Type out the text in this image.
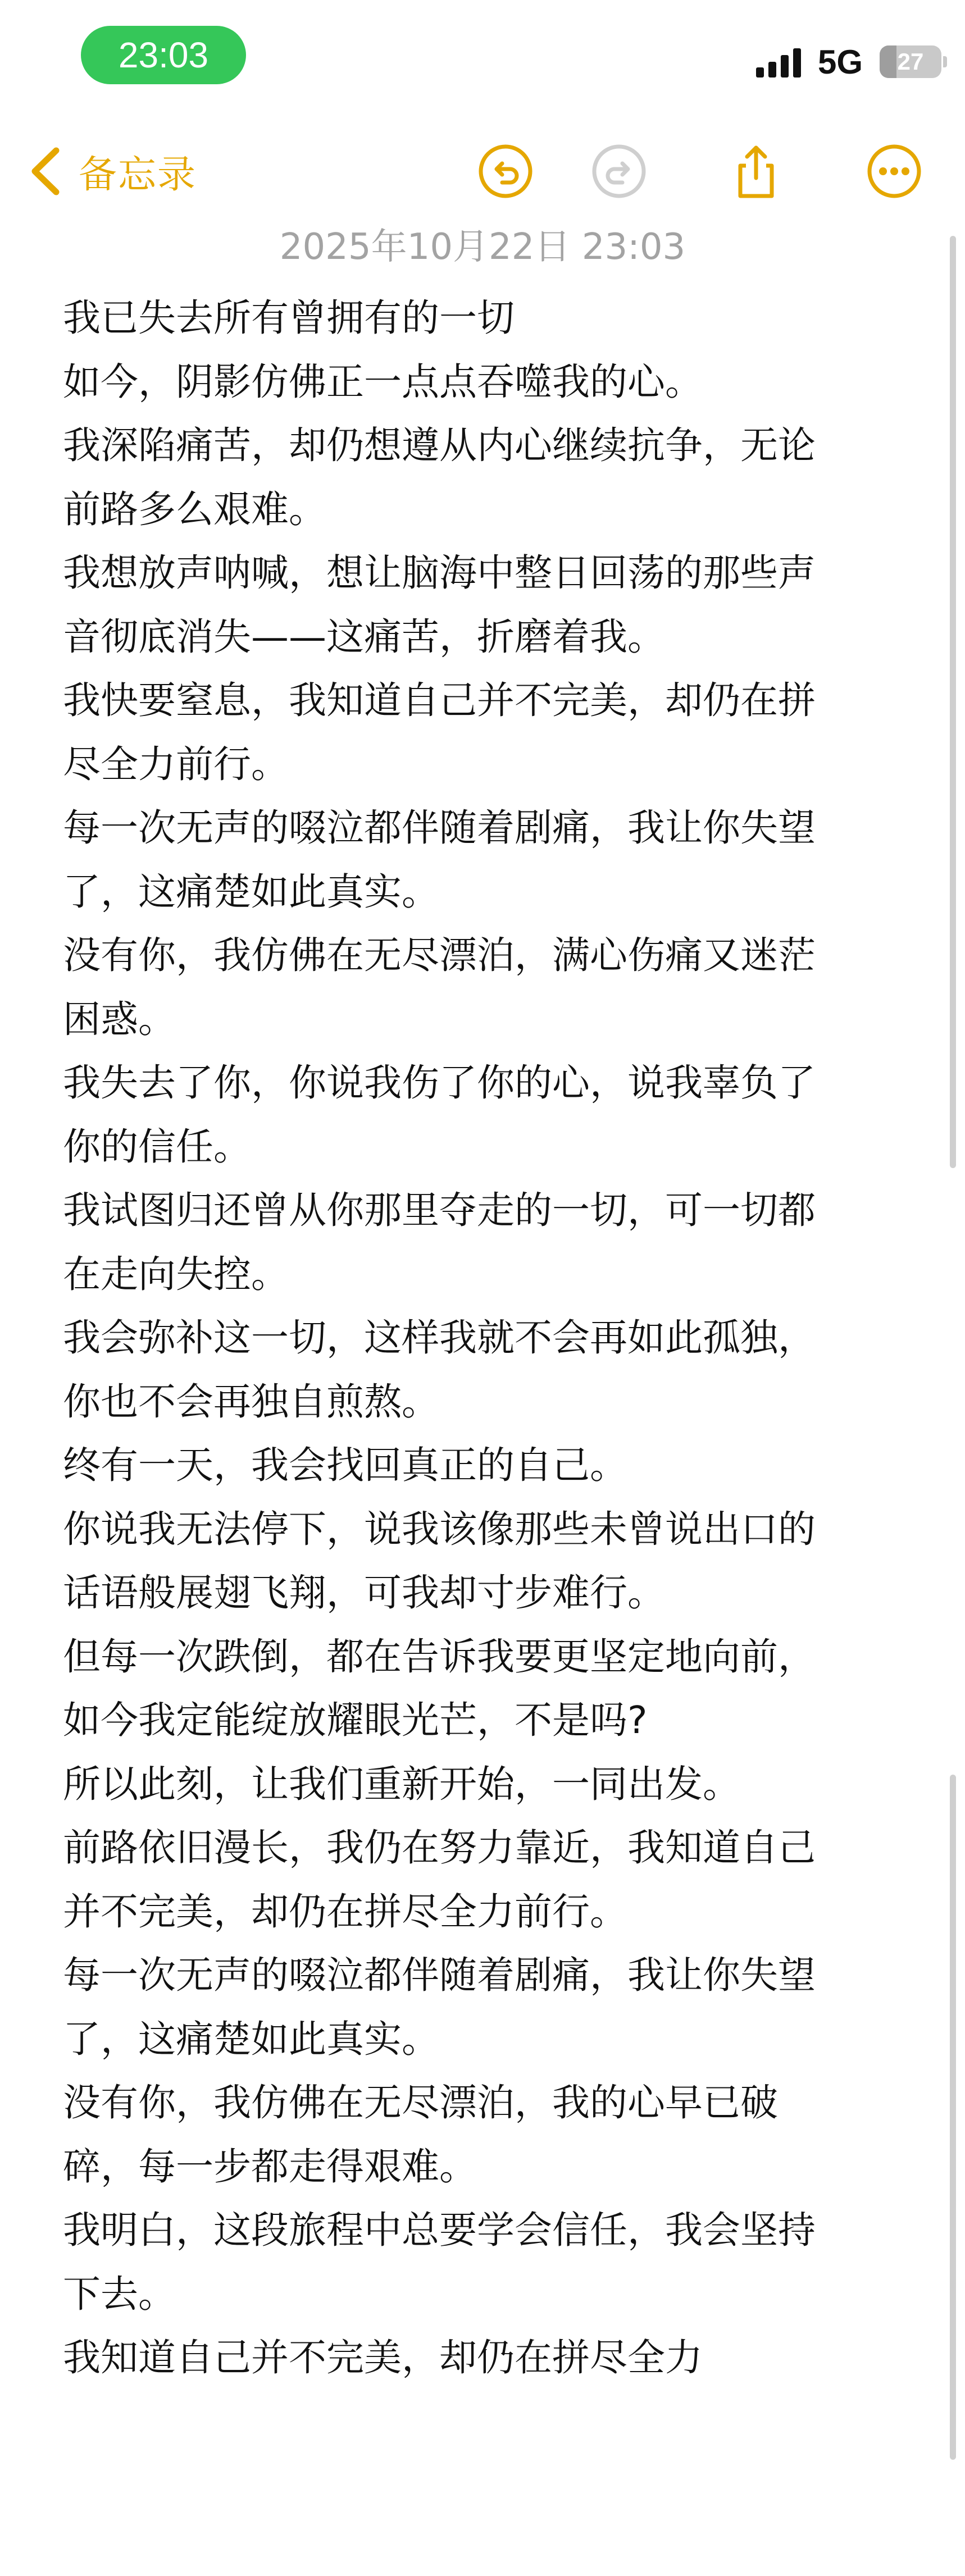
23:03	5G 27
备忘录
2025年10月22日 23:03
我已失去所有曾拥有的一切
如今，阴影仿佛正一点点吞噬我的心。
我深陷痛苦，却仍想遵从内心继续抗争，无论
前路多么艰难。
我想放声呐喊，想让脑海中整日回荡的那些声
音彻底消失——这痛苦，折磨着我。
我快要窒息，我知道自己并不完美，却仍在拼
尽全力前行。
每一次无声的啜泣都伴随着剧痛，我让你失望
了，这痛楚如此真实。
没有你，我仿佛在无尽漂泊，满心伤痛又迷茫
困惑。
我失去了你，你说我伤了你的心，说我辜负了
你的信任。
我试图归还曾从你那里夺走的一切，可一切都
在走向失控。
我会弥补这一切，这样我就不会再如此孤独，
你也不会再独自煎熬。
终有一天，我会找回真正的自己。
你说我无法停下，说我该像那些未曾说出口的
话语般展翅飞翔，可我却寸步难行。
但每一次跌倒，都在告诉我要更坚定地向前，
如今我定能绽放耀眼光芒，不是吗?
所以此刻，让我们重新开始，一同出发。
前路依旧漫长，我仍在努力靠近，我知道自己
并不完美，却仍在拼尽全力前行。
每一次无声的啜泣都伴随着剧痛，我让你失望
了，这痛楚如此真实。
没有你，我仿佛在无尽漂泊，我的心早已破
碎，每一步都走得艰难。
我明白，这段旅程中总要学会信任，我会坚持
下去。
我知道自己并不完美，却仍在拼尽全力
